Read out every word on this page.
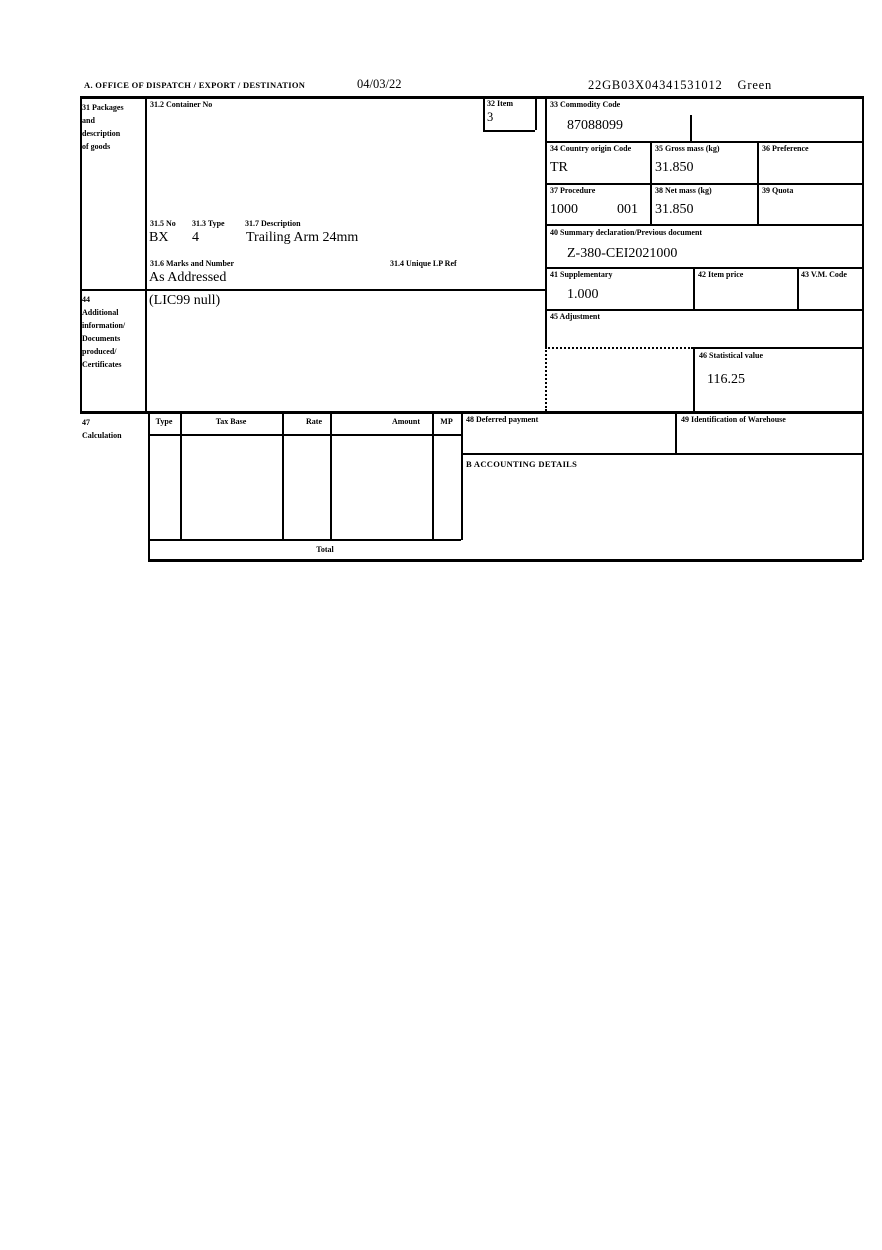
A. OFFICE OF DISPATCH / EXPORT / DESTINATION	04/03/22	22GB03X04341531012 Green
31 Packages
and
description
of goods
31.2 Container No	32 Item
3
31.5 No 31.3 Type	31.7 Description
BX 4	Trailing Arm 24mm
31.6 Marks and Number	31.4 Unique LP Ref
As Addressed
33 Commodity Code
87088099
34 Country origin Code
TR
35 Gross mass (kg)
31.850
36 Preference
37 Procedure
1000	001
38 Net mass (kg)
31.850
39 Quota
40 Summary declaration/Previous document
Z-380-CEI2021000
41 Supplementary
1.000
42 Item price	43 V.M. Code
44
Additional
information/
Documents
produced/
Certificates
(LIC99 null)
45 Adjustment
46 Statistical value
116.25
47
Calculation
Type	Tax Base	Rate	Amount	MP
Total
48 Deferred payment	49 Identification of Warehouse
B ACCOUNTING DETAILS
